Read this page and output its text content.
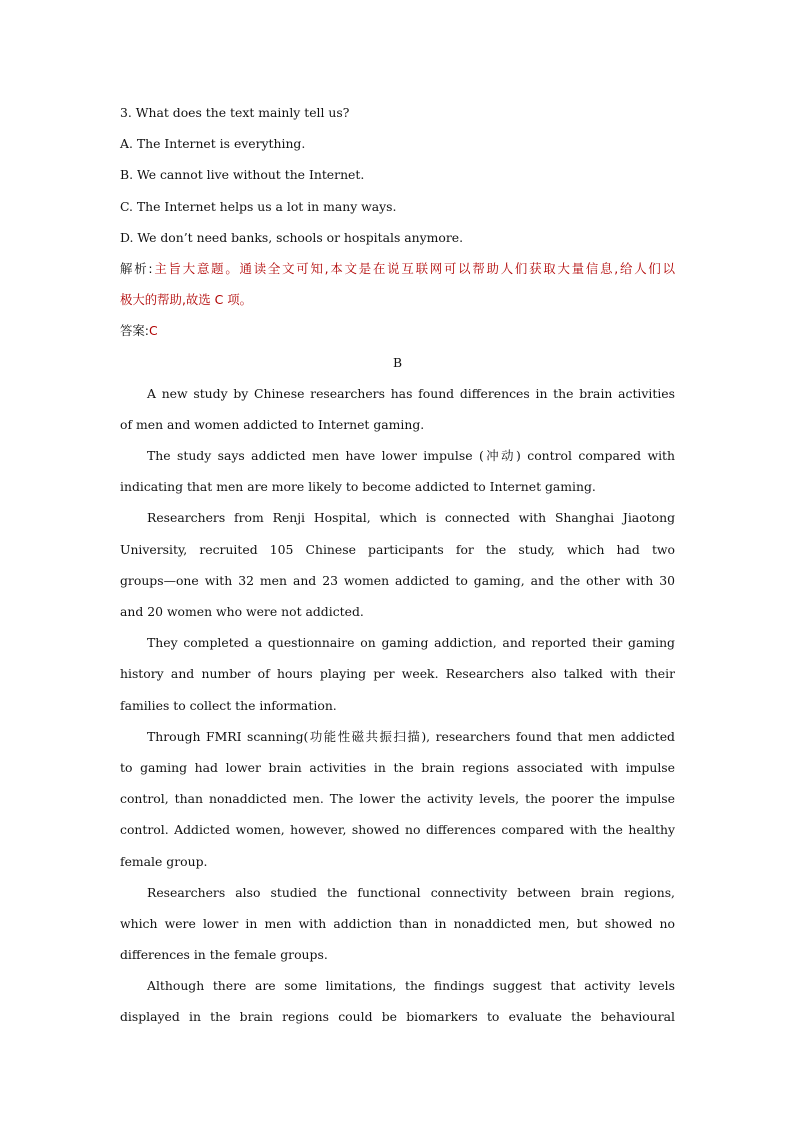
3. What does the text mainly tell us?
A. The Internet is everything.
B. We cannot live without the Internet.
C. The Internet helps us a lot in many ways.
D. We don’t need banks, schools or hospitals anymore.
解析:主旨大意题。通读全文可知,本文是在说互联网可以帮助人们获取大量信息,给人们以
极大的帮助,故选 C 项。
答案:C
B
A new study by Chinese researchers has found differences in the brain activities
of men and women addicted to Internet gaming.
The study says addicted men have lower impulse (冲动) control compared with
indicating that men are more likely to become addicted to Internet gaming.
Researchers from Renji Hospital, which is connected with Shanghai Jiaotong
University, recruited 105 Chinese participants for the study, which had two
groups—one with 32 men and 23 women addicted to gaming, and the other with 30
and 20 women who were not addicted.
They completed a questionnaire on gaming addiction, and reported their gaming
history and number of hours playing per week. Researchers also talked with their
families to collect the information.
Through FMRI scanning(功能性磁共振扫描), researchers found that men addicted
to gaming had lower brain activities in the brain regions associated with impulse
control, than nonaddicted men. The lower the activity levels, the poorer the impulse
control. Addicted women, however, showed no differences compared with the healthy
female group.
Researchers also studied the functional connectivity between brain regions,
which were lower in men with addiction than in nonaddicted men, but showed no
differences in the female groups.
Although there are some limitations, the findings suggest that activity levels
displayed in the brain regions could be biomarkers to evaluate the behavioural
